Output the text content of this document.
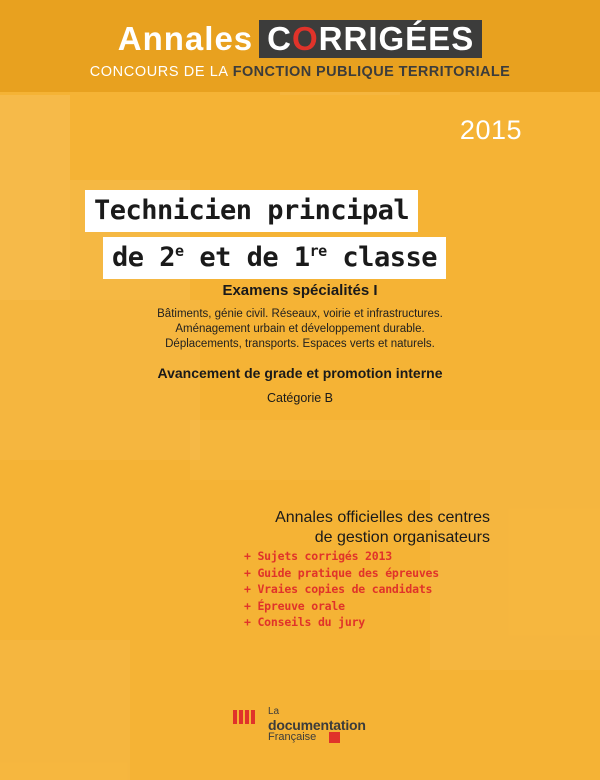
Annales CORRIGÉES
CONCOURS DE LA FONCTION PUBLIQUE TERRITORIALE
2015
Technicien principal de 2e et de 1re classe
Examens spécialités I
Bâtiments, génie civil. Réseaux, voirie et infrastructures.
Aménagement urbain et développement durable.
Déplacements, transports. Espaces verts et naturels.
Avancement de grade et promotion interne
Catégorie B
Annales officielles des centres
de gestion organisateurs
+ Sujets corrigés 2013
+ Guide pratique des épreuves
+ Vraies copies de candidats
+ Épreuve orale
+ Conseils du jury
La
documentation
Française
